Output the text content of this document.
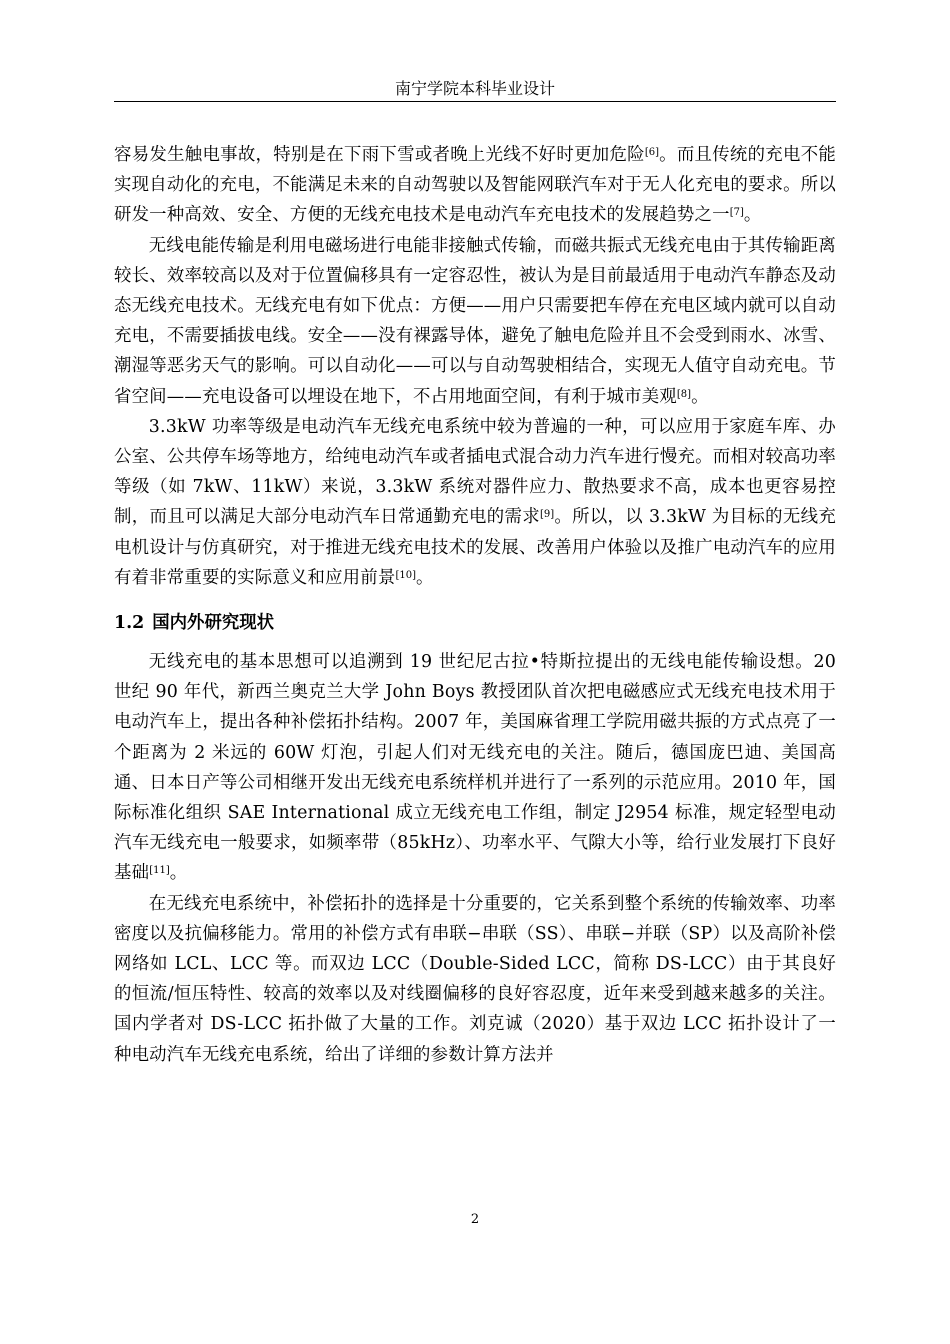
南宁学院本科毕业设计

容易发生触电事故，特别是在下雨下雪或者晚上光线不好时更加危险[6]。而且传统的充电不能实现自动化的充电，不能满足未来的自动驾驶以及智能网联汽车对于无人化充电的要求。所以研发一种高效、安全、方便的无线充电技术是电动汽车充电技术的发展趋势之一[7]。

无线电能传输是利用电磁场进行电能非接触式传输，而磁共振式无线充电由于其传输距离较长、效率较高以及对于位置偏移具有一定容忍性，被认为是目前最适用于电动汽车静态及动态无线充电技术。无线充电有如下优点：方便——用户只需要把车停在充电区域内就可以自动充电，不需要插拔电线。安全——没有裸露导体，避免了触电危险并且不会受到雨水、冰雪、潮湿等恶劣天气的影响。可以自动化——可以与自动驾驶相结合，实现无人值守自动充电。节省空间——充电设备可以埋设在地下，不占用地面空间，有利于城市美观[8]。

3.3kW 功率等级是电动汽车无线充电系统中较为普遍的一种，可以应用于家庭车库、办公室、公共停车场等地方，给纯电动汽车或者插电式混合动力汽车进行慢充。而相对较高功率等级（如 7kW、11kW）来说，3.3kW 系统对器件应力、散热要求不高，成本也更容易控制，而且可以满足大部分电动汽车日常通勤充电的需求[9]。所以，以 3.3kW 为目标的无线充电机设计与仿真研究，对于推进无线充电技术的发展、改善用户体验以及推广电动汽车的应用有着非常重要的实际意义和应用前景[10]。

1.2 国内外研究现状

无线充电的基本思想可以追溯到 19 世纪尼古拉•特斯拉提出的无线电能传输设想。20 世纪 90 年代，新西兰奥克兰大学 John Boys 教授团队首次把电磁感应式无线充电技术用于电动汽车上，提出各种补偿拓扑结构。2007 年，美国麻省理工学院用磁共振的方式点亮了一个距离为 2 米远的 60W 灯泡，引起人们对无线充电的关注。随后，德国庞巴迪、美国高通、日本日产等公司相继开发出无线充电系统样机并进行了一系列的示范应用。2010 年，国际标准化组织 SAE International 成立无线充电工作组，制定 J2954 标准，规定轻型电动汽车无线充电一般要求，如频率带（85kHz）、功率水平、气隙大小等，给行业发展打下良好基础[11]。

在无线充电系统中，补偿拓扑的选择是十分重要的，它关系到整个系统的传输效率、功率密度以及抗偏移能力。常用的补偿方式有串联−串联（SS）、串联−并联（SP）以及高阶补偿网络如 LCL、LCC 等。而双边 LCC（Double-Sided LCC，简称 DS-LCC）由于其良好的恒流/恒压特性、较高的效率以及对线圈偏移的良好容忍度，近年来受到越来越多的关注。国内学者对 DS-LCC 拓扑做了大量的工作。刘克诚（2020）基于双边 LCC 拓扑设计了一种电动汽车无线充电系统，给出了详细的参数计算方法并

2
